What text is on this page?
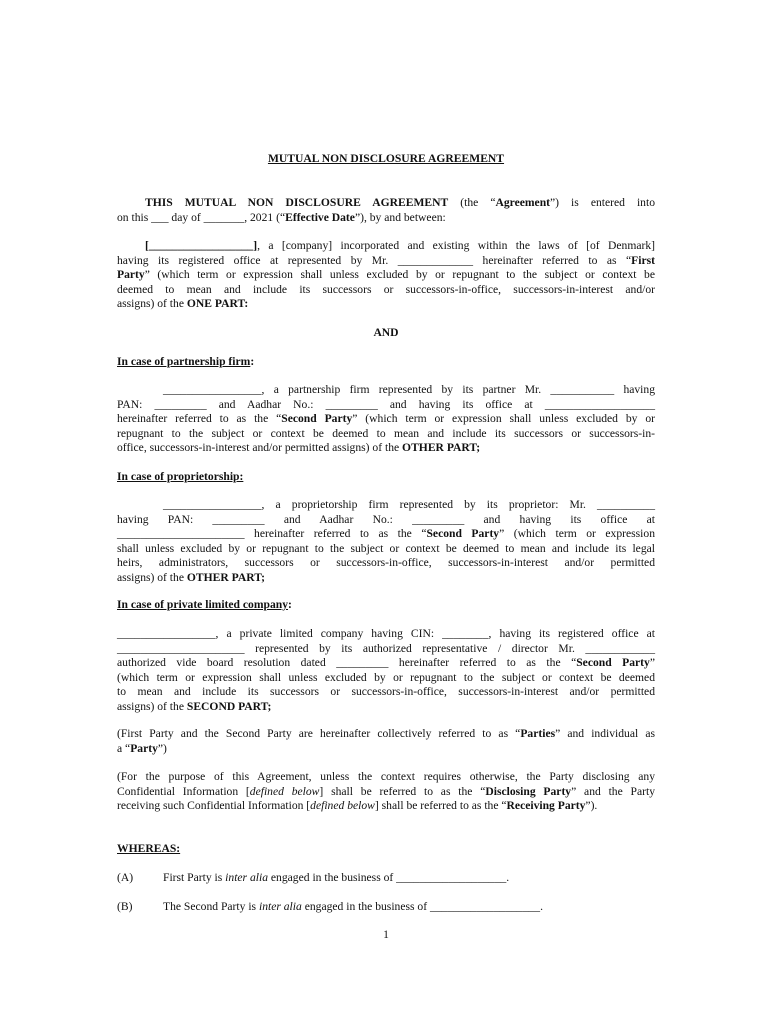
MUTUAL NON DISCLOSURE AGREEMENT
THIS MUTUAL NON DISCLOSURE AGREEMENT (the “Agreement”) is entered into
on this ___ day of _______, 2021 (“Effective Date”), by and between:
[__________________], a [company] incorporated and existing within the laws of [of Denmark]
having its registered office at represented by Mr. _____________ hereinafter referred to as “First
Party” (which term or expression shall unless excluded by or repugnant to the subject or context be
deemed to mean and include its successors or successors-in-office, successors-in-interest and/or
assigns) of the ONE PART:
AND
In case of partnership firm:
_________________, a partnership firm represented by its partner Mr. ___________ having
PAN: _________ and Aadhar No.: _________ and having its office at ___________________
hereinafter referred to as the “Second Party” (which term or expression shall unless excluded by or
repugnant to the subject or context be deemed to mean and include its successors or successors-in-
office, successors-in-interest and/or permitted assigns) of the OTHER PART;
In case of proprietorship:
_________________, a proprietorship firm represented by its proprietor: Mr. __________
having PAN: _________ and Aadhar No.: _________ and having its office at
______________________ hereinafter referred to as the “Second Party” (which term or expression
shall unless excluded by or repugnant to the subject or context be deemed to mean and include its legal
heirs, administrators, successors or successors-in-office, successors-in-interest and/or permitted
assigns) of the OTHER PART;
In case of private limited company:
_________________, a private limited company having CIN: ________, having its registered office at
______________________ represented by its authorized representative / director Mr. ____________
authorized vide board resolution dated _________ hereinafter referred to as the “Second Party”
(which term or expression shall unless excluded by or repugnant to the subject or context be deemed
to mean and include its successors or successors-in-office, successors-in-interest and/or permitted
assigns) of the SECOND PART;
(First Party and the Second Party are hereinafter collectively referred to as “Parties” and individual as
a “Party”)
(For the purpose of this Agreement, unless the context requires otherwise, the Party disclosing any
Confidential Information [defined below] shall be referred to as the “Disclosing Party” and the Party
receiving such Confidential Information [defined below] shall be referred to as the “Receiving Party”).
WHEREAS:
(A)	First Party is inter alia engaged in the business of ___________________.
(B)	The Second Party is inter alia engaged in the business of ___________________.
1
